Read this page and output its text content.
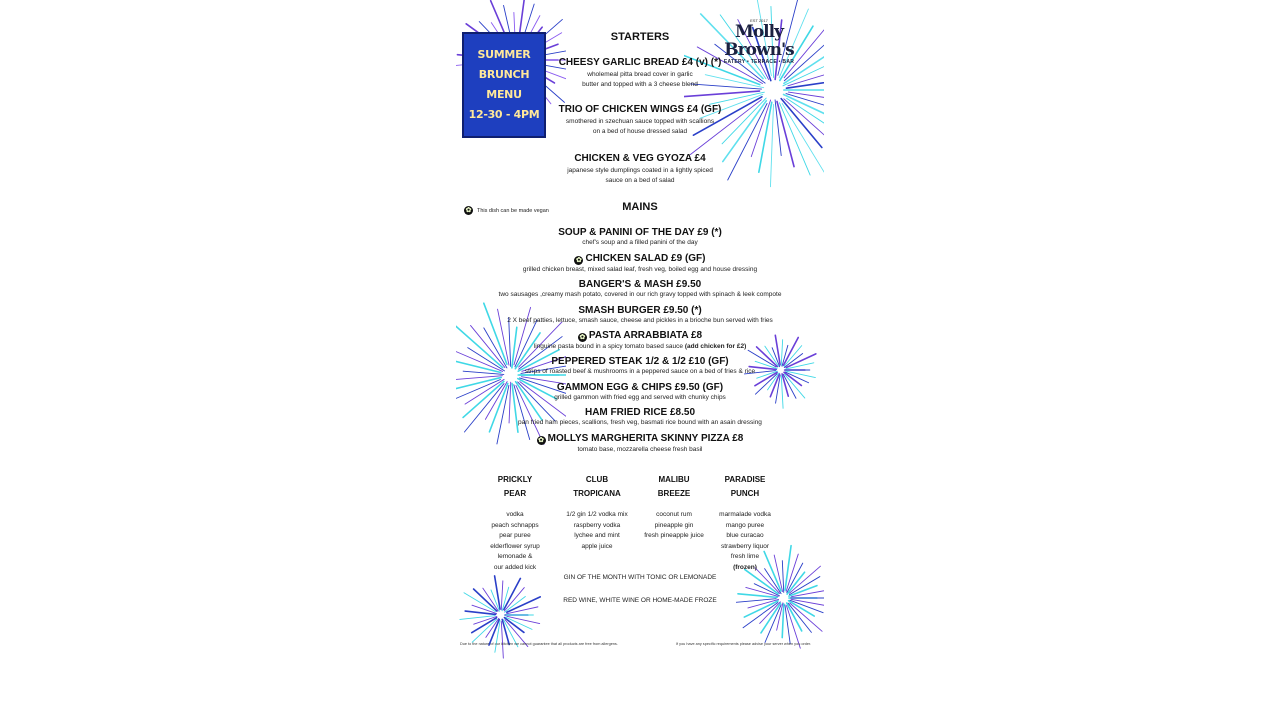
SUMMER
BRUNCH
MENU
12-30 - 4PM
EST 2017
Molly Brown's
EATERY • TERRACE • BAR
STARTERS
CHEESY GARLIC BREAD £4 (v) (*)
wholemeal pitta bread cover in garlic
butter and topped with a 3 cheese blend
TRIO OF CHICKEN WINGS £4 (GF)
smothered in szechuan sauce topped with scallions
on a bed of house dressed salad
CHICKEN & VEG GYOZA £4
japanese style dumplings coated in a lightly spiced
sauce on a bed of salad
✿ This dish can be made vegan	MAINS
SOUP & PANINI OF THE DAY £9 (*)
chef's soup and a filled panini of the day
✿ CHICKEN SALAD £9 (GF)
grilled chicken breast, mixed salad leaf, fresh veg, boiled egg and house dressing
BANGER'S & MASH £9.50
two sausages ,creamy mash potato, covered in our rich gravy topped with spinach & leek compote
SMASH BURGER £9.50 (*)
2 X beef patties, lettuce, smash sauce, cheese and pickles in a brioche bun served with fries
✿ PASTA ARRABBIATA £8
linguine pasta bound in a spicy tomato based sauce (add chicken for £2)
PEPPERED STEAK 1/2 & 1/2 £10 (GF)
strips of roasted beef & mushrooms in a peppered sauce on a bed of fries & rice
GAMMON EGG & CHIPS £9.50 (GF)
grilled gammon with fried egg and served with chunky chips
HAM FRIED RICE £8.50
pan fried ham pieces, scallions, fresh veg, basmati rice bound with an asain dressing
✿ MOLLYS MARGHERITA SKINNY PIZZA £8
tomato base, mozzarella cheese fresh basil
PRICKLY
PEAR
vodka
peach schnapps
pear puree
elderflower syrup
lemonade &
our added kick
CLUB
TROPICANA
1/2 gin 1/2 vodka mix
raspberry vodka
lychee and mint
apple juice
MALIBU
BREEZE
coconut rum
pineapple gin
fresh pineapple juice
PARADISE
PUNCH
marmalade vodka
mango puree
blue curacao
strawberry liquor
fresh lime
(frozen)
GIN OF THE MONTH WITH TONIC OR LEMONADE
RED WINE, WHITE WINE OR HOME-MADE FROZE
Due to the nature of our kitchen we cannot guarantee that all products are free from allergens.	If you have any specific requirements please advise your server when you order.
